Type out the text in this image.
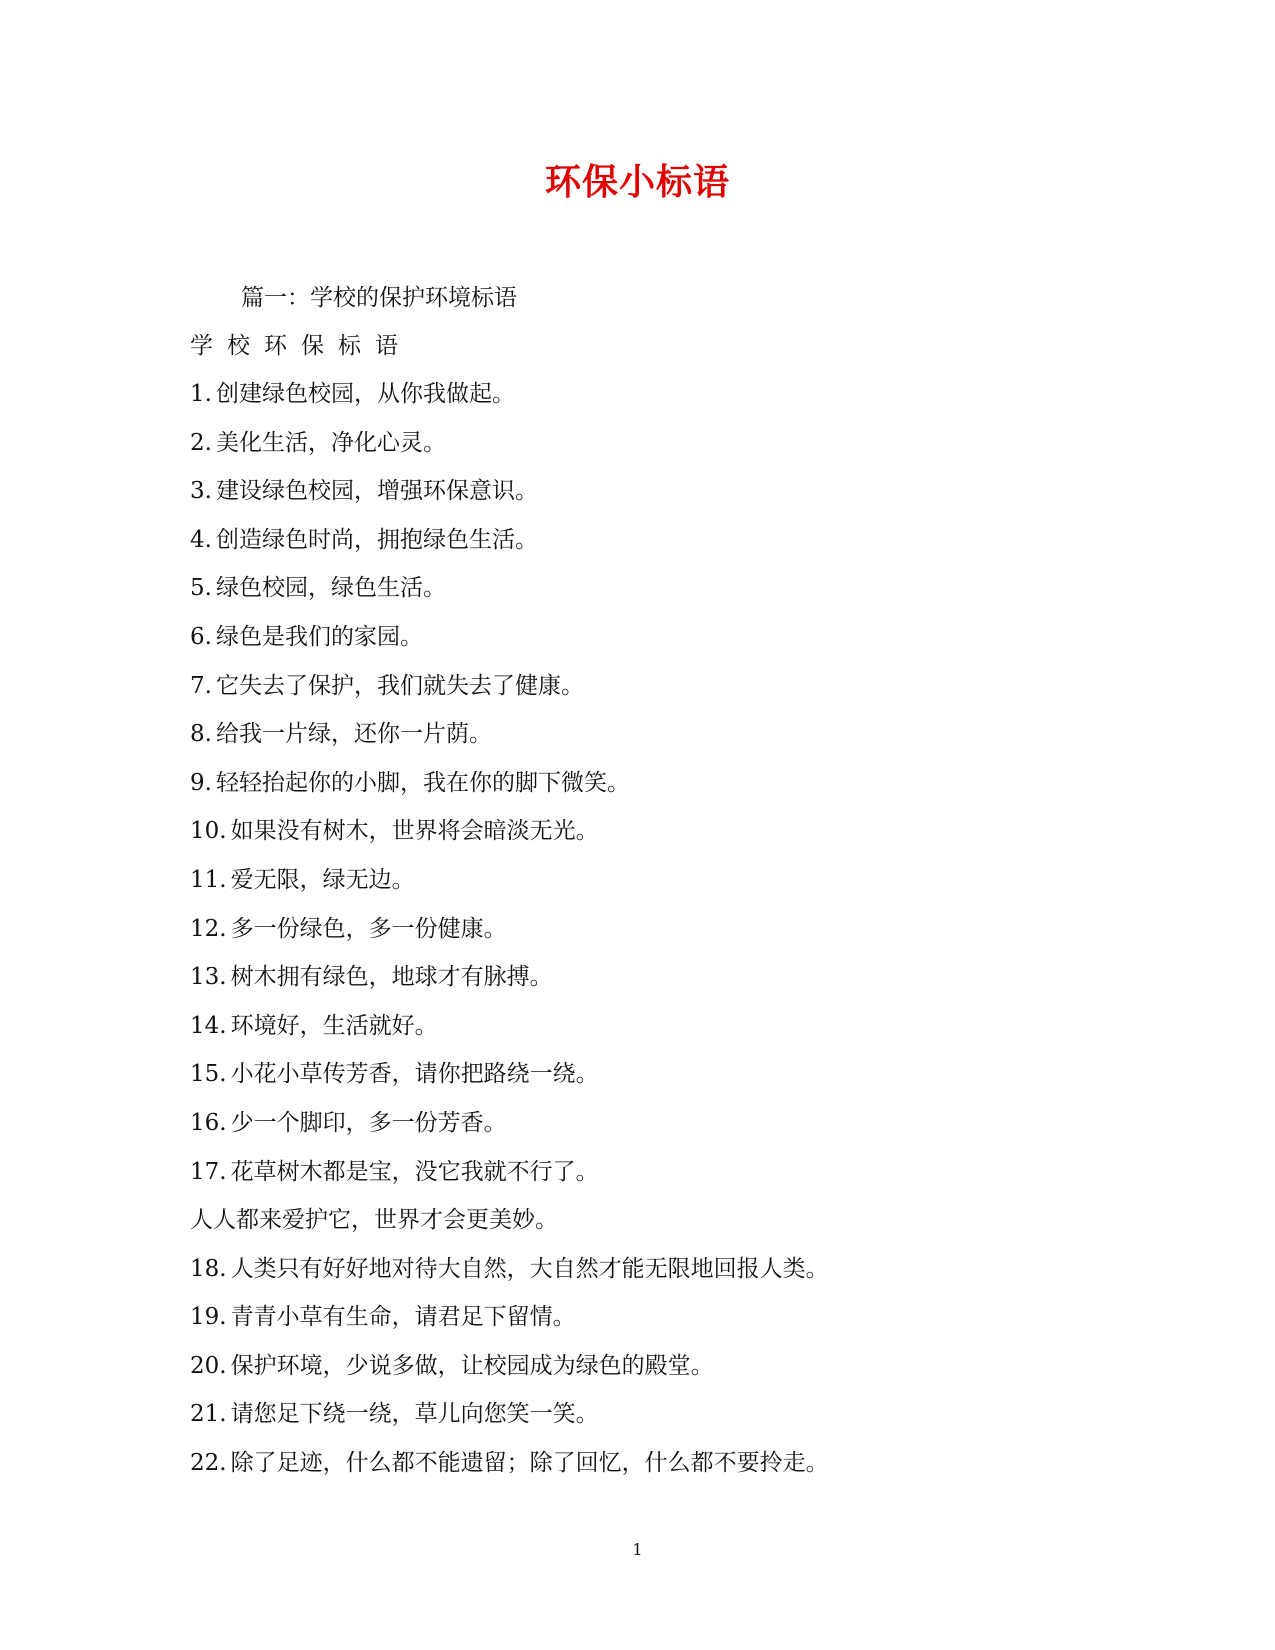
环保小标语
篇一：学校的保护环境标语
学校环保标语
1. 创建绿色校园，从你我做起。
2. 美化生活，净化心灵。
3. 建设绿色校园，增强环保意识。
4. 创造绿色时尚，拥抱绿色生活。
5. 绿色校园，绿色生活。
6. 绿色是我们的家园。
7. 它失去了保护，我们就失去了健康。
8. 给我一片绿，还你一片荫。
9. 轻轻抬起你的小脚，我在你的脚下微笑。
10. 如果没有树木，世界将会暗淡无光。
11. 爱无限，绿无边。
12. 多一份绿色，多一份健康。
13. 树木拥有绿色，地球才有脉搏。
14. 环境好，生活就好。
15. 小花小草传芳香，请你把路绕一绕。
16. 少一个脚印，多一份芳香。
17. 花草树木都是宝，没它我就不行了。
人人都来爱护它，世界才会更美妙。
18. 人类只有好好地对待大自然，大自然才能无限地回报人类。
19. 青青小草有生命，请君足下留情。
20. 保护环境，少说多做，让校园成为绿色的殿堂。
21. 请您足下绕一绕，草儿向您笑一笑。
22. 除了足迹，什么都不能遗留；除了回忆，什么都不要拎走。
1
